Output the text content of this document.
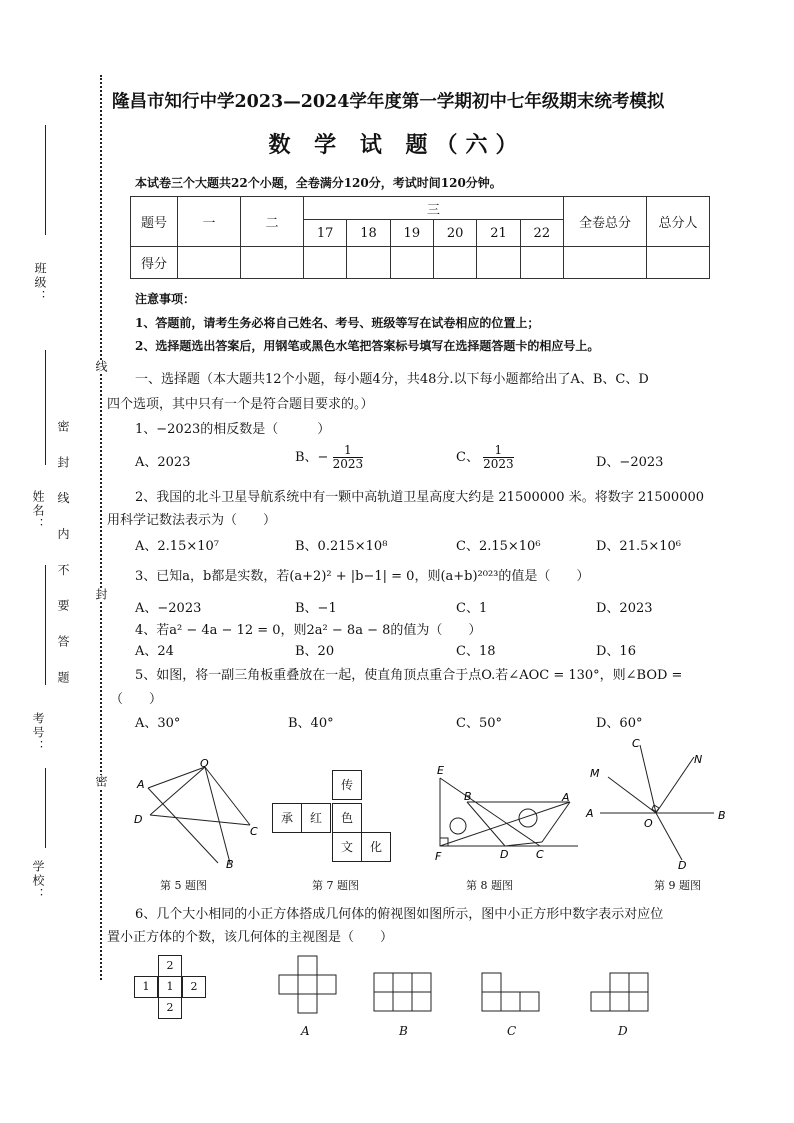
班级：
姓名：
考号：
学校：
密 封 线 内 不 要 答 题
线
封
密
隆昌市知行中学2023—2024学年度第一学期初中七年级期末统考模拟
数 学 试 题（六）
本试卷三个大题共22个小题，全卷满分120分，考试时间120分钟。
题号	一	二	三						全卷总分	总分人
			17	18	19	20	21	22		
得分										
注意事项：
1、答题前，请考生务必将自己姓名、考号、班级等写在试卷相应的位置上；
2、选择题选出答案后，用钢笔或黑色水笔把答案标号填写在选择题答题卡的相应号上。
一、选择题（本大题共12个小题，每小题4分，共48分.以下每小题都给出了A、B、C、D
四个选项，其中只有一个是符合题目要求的。）
1、−2023的相反数是（　　　）
A、2023	B、− $\frac{1}{2023}$	C、 $\frac{1}{2023}$	D、−2023
2、我国的北斗卫星导航系统中有一颗中高轨道卫星高度大约是 21500000 米。将数字 21500000
用科学记数法表示为（　　）
A、2.15×10⁷	B、0.215×10⁸	C、2.15×10⁶	D、21.5×10⁶
3、已知a，b都是实数，若(a+2)² + |b−1| = 0，则(a+b)²⁰²³的值是（　　）
A、−2023	B、−1	C、1	D、2023
4、若a² − 4a − 12 = 0，则2a² − 8a − 8的值为（　　）
A、24	B、20	C、18	D、16
5、如图，将一副三角板重叠放在一起，使直角顶点重合于点O.若∠AOC = 130°，则∠BOD =
（　　）
A、30°	B、40°	C、50°	D、60°
O
A
D
C
B
第 5 题图
传
承	红	色
文	化
第 7 题图
E
B	A
F	D	C
第 8 题图
C
N
M
A	B
O
D
第 9 题图
6、几个大小相同的小正方体搭成几何体的俯视图如图所示，图中小正方形中数字表示对应位
置小正方体的个数，该几何体的主视图是（　　）
2
1	1	2
2
A	B	C	D
